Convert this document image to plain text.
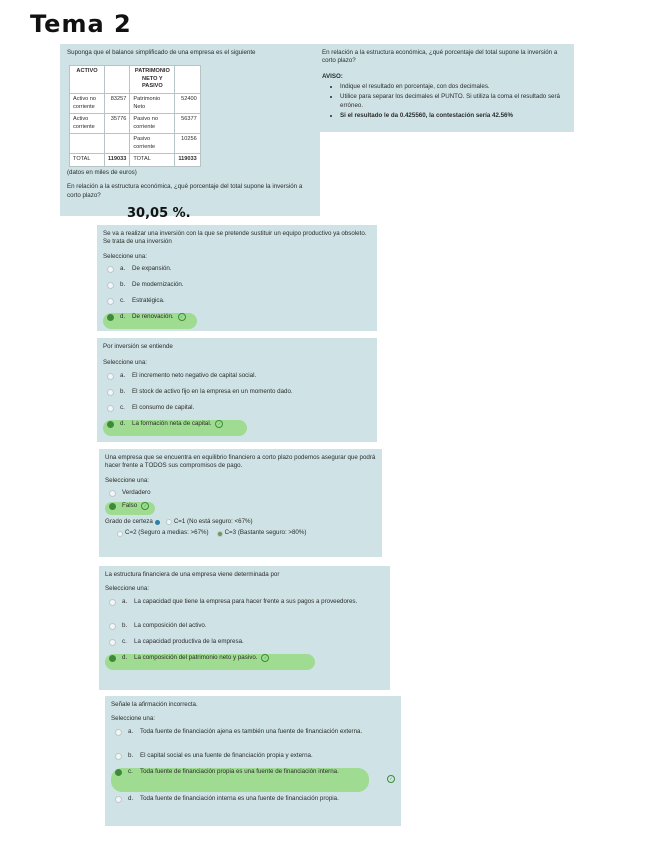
Tema 2
Suponga que el balance simplificado de una empresa es el siguiente
ACTIVO		PATRIMONIO NETO Y PASIVO	
Activo no corriente	83257	Patrimonio Neto	52400
Activo corriente	35776	Pasivo no corriente	56377
		Pasivo corriente	10256
TOTAL	119033	TOTAL	119033
(datos en miles de euros)
En relación a la estructura económica, ¿qué porcentaje del total supone la inversión a corto plazo?
En relación a la estructura económica, ¿qué porcentaje del total supone la inversión a corto plazo?
AVISO:
• Indique el resultado en porcentaje, con dos decimales.
• Utilice para separar los decimales el PUNTO. Si utiliza la coma el resultado será erróneo.
• Si el resultado le da 0.425560, la contestación sería 42.56%
30,05 %.
Se va a realizar una inversión con la que se pretende sustituir un equipo productivo ya obsoleto. Se trata de una inversión
Seleccione una:
a.	De expansión.
b.	De modernización.
c.	Estratégica.
d.	De renovación.	✓
Por inversión se entiende
Seleccione una:
a.	El incremento neto negativo de capital social.
b.	El stock de activo fijo en la empresa en un momento dado.
c.	El consumo de capital.
d.	La formación neta de capital.	✓
Una empresa que se encuentra en equilibrio financiero a corto plazo podemos asegurar que podrá hacer frente a TODOS sus compromisos de pago.
Seleccione una:
Verdadero
Falso	✓
Grado de certeza	C=1 (No está seguro: <67%)
C=2 (Seguro a medias: >67%)	C=3 (Bastante seguro: >80%)
La estructura financiera de una empresa viene determinada por
Seleccione una:
a.	La capacidad que tiene la empresa para hacer frente a sus pagos a proveedores.
b.	La composición del activo.
c.	La capacidad productiva de la empresa.
d.	La composición del patrimonio neto y pasivo.	✓
Señale la afirmación incorrecta.
Seleccione una:
a.	Toda fuente de financiación ajena es también una fuente de financiación externa.
b.	El capital social es una fuente de financiación propia y externa.
c.	Toda fuente de financiación propia es una fuente de financiación interna.
✓
d.	Toda fuente de financiación interna es una fuente de financiación propia.
